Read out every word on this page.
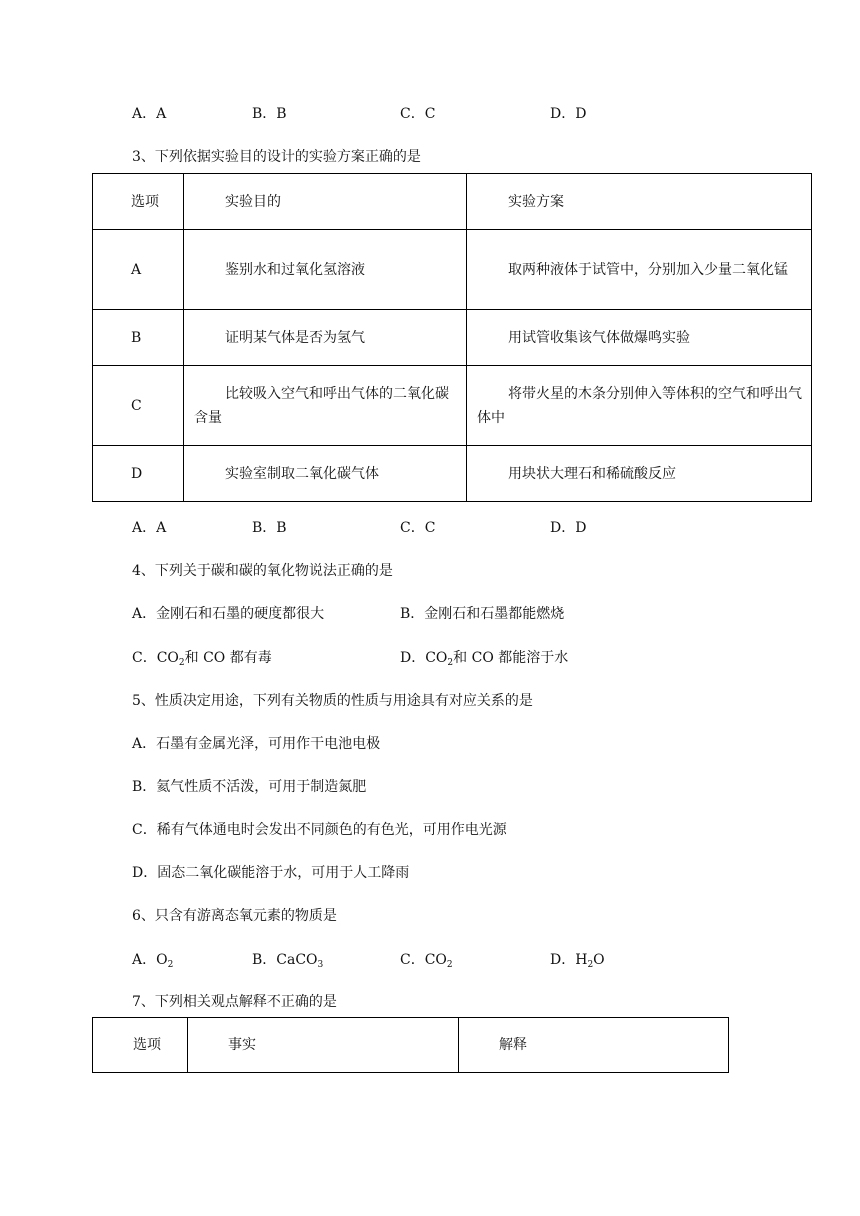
A．A	B．B	C．C	D．D
3、下列依据实验目的设计的实验方案正确的是
选项	实验目的	实验方案
A	鉴别水和过氧化氢溶液	取两种液体于试管中，分别加入少量二氧化锰
B	证明某气体是否为氢气	用试管收集该气体做爆鸣实验
C	比较吸入空气和呼出气体的二氧化碳含量	将带火星的木条分别伸入等体积的空气和呼出气体中
D	实验室制取二氧化碳气体	用块状大理石和稀硫酸反应
A．A	B．B	C．C	D．D
4、下列关于碳和碳的氧化物说法正确的是
A．金刚石和石墨的硬度都很大	B．金刚石和石墨都能燃烧
C．$CO_2$和 CO 都有毒	D．$CO_2$和 CO 都能溶于水
5、性质决定用途，下列有关物质的性质与用途具有对应关系的是
A．石墨有金属光泽，可用作干电池电极
B．氦气性质不活泼，可用于制造氮肥
C．稀有气体通电时会发出不同颜色的有色光，可用作电光源
D．固态二氧化碳能溶于水，可用于人工降雨
6、只含有游离态氧元素的物质是
A．$O_2$	B．CaCO$_3$	C．$CO_2$	D．$H_2O$
7、下列相关观点解释不正确的是
选项	事实	解释
